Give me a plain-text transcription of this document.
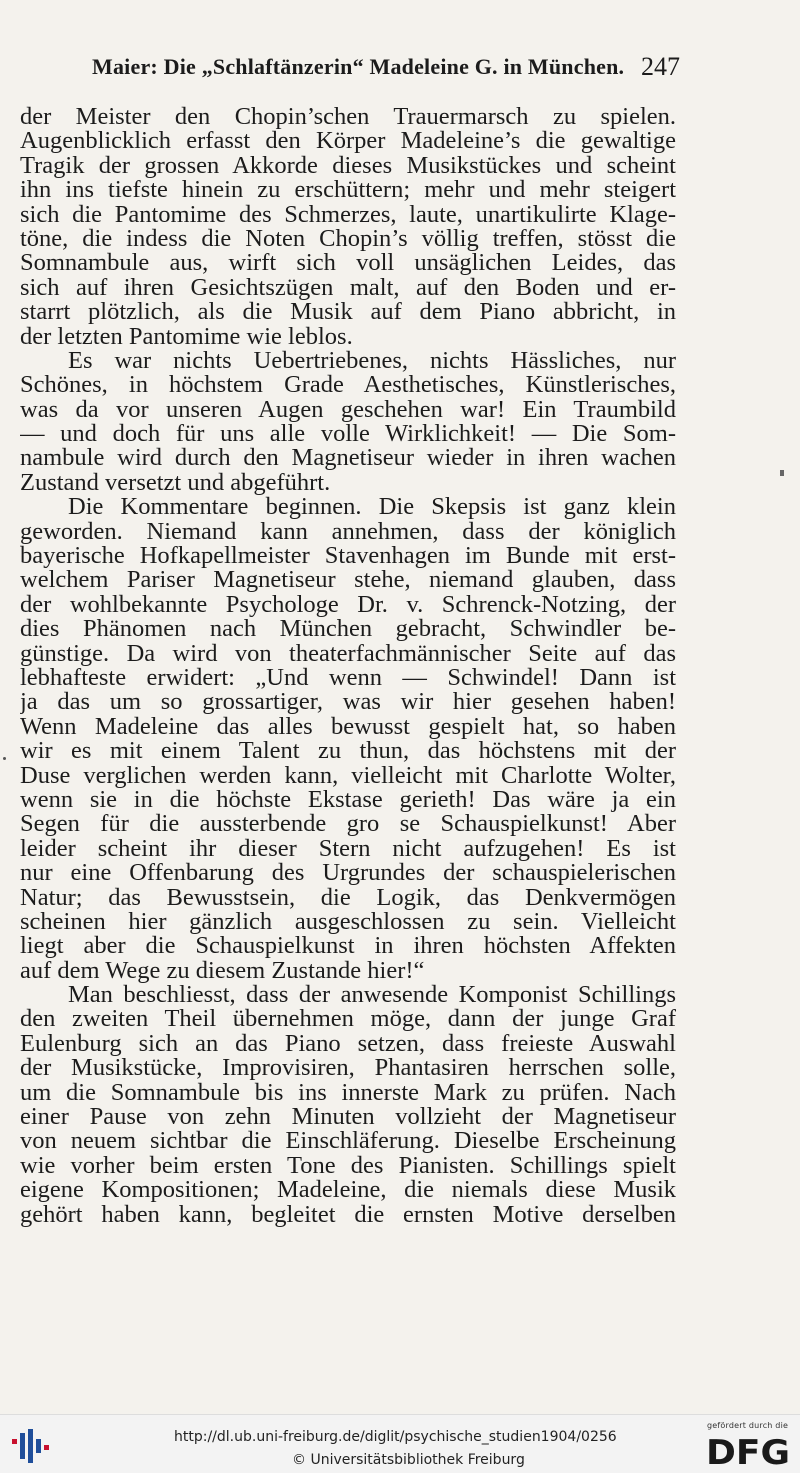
Maier: Die „Schlaftänzerin“ Madeleine G. in München. 247
der Meister den Chopin’schen Trauermarsch zu spielen.
Augenblicklich erfasst den Körper Madeleine’s die gewaltige
Tragik der grossen Akkorde dieses Musikstückes und scheint
ihn ins tiefste hinein zu erschüttern; mehr und mehr steigert
sich die Pantomime des Schmerzes, laute, unartikulirte Klage-
töne, die indess die Noten Chopin’s völlig treffen, stösst die
Somnambule aus, wirft sich voll unsäglichen Leides, das
sich auf ihren Gesichtszügen malt, auf den Boden und er-
starrt plötzlich, als die Musik auf dem Piano abbricht, in
der letzten Pantomime wie leblos.
Es war nichts Uebertriebenes, nichts Hässliches, nur
Schönes, in höchstem Grade Aesthetisches, Künstlerisches,
was da vor unseren Augen geschehen war! Ein Traumbild
— und doch für uns alle volle Wirklichkeit! — Die Som-
nambule wird durch den Magnetiseur wieder in ihren wachen
Zustand versetzt und abgeführt.
Die Kommentare beginnen. Die Skepsis ist ganz klein
geworden. Niemand kann annehmen, dass der königlich
bayerische Hofkapellmeister Stavenhagen im Bunde mit erst-
welchem Pariser Magnetiseur stehe, niemand glauben, dass
der wohlbekannte Psychologe Dr. v. Schrenck-Notzing, der
dies Phänomen nach München gebracht, Schwindler be-
günstige. Da wird von theaterfachmännischer Seite auf das
lebhafteste erwidert: „Und wenn — Schwindel! Dann ist
ja das um so grossartiger, was wir hier gesehen haben!
Wenn Madeleine das alles bewusst gespielt hat, so haben
wir es mit einem Talent zu thun, das höchstens mit der
Duse verglichen werden kann, vielleicht mit Charlotte Wolter,
wenn sie in die höchste Ekstase gerieth! Das wäre ja ein
Segen für die aussterbende gro se Schauspielkunst! Aber
leider scheint ihr dieser Stern nicht aufzugehen! Es ist
nur eine Offenbarung des Urgrundes der schauspielerischen
Natur; das Bewusstsein, die Logik, das Denkvermögen
scheinen hier gänzlich ausgeschlossen zu sein. Vielleicht
liegt aber die Schauspielkunst in ihren höchsten Affekten
auf dem Wege zu diesem Zustande hier!“
Man beschliesst, dass der anwesende Komponist Schillings
den zweiten Theil übernehmen möge, dann der junge Graf
Eulenburg sich an das Piano setzen, dass freieste Auswahl
der Musikstücke, Improvisiren, Phantasiren herrschen solle,
um die Somnambule bis ins innerste Mark zu prüfen. Nach
einer Pause von zehn Minuten vollzieht der Magnetiseur
von neuem sichtbar die Einschläferung. Dieselbe Erscheinung
wie vorher beim ersten Tone des Pianisten. Schillings spielt
eigene Kompositionen; Madeleine, die niemals diese Musik
gehört haben kann, begleitet die ernsten Motive derselben
http://dl.ub.uni-freiburg.de/diglit/psychische_studien1904/0256
© Universitätsbibliothek Freiburg
gefördert durch die
DFG
